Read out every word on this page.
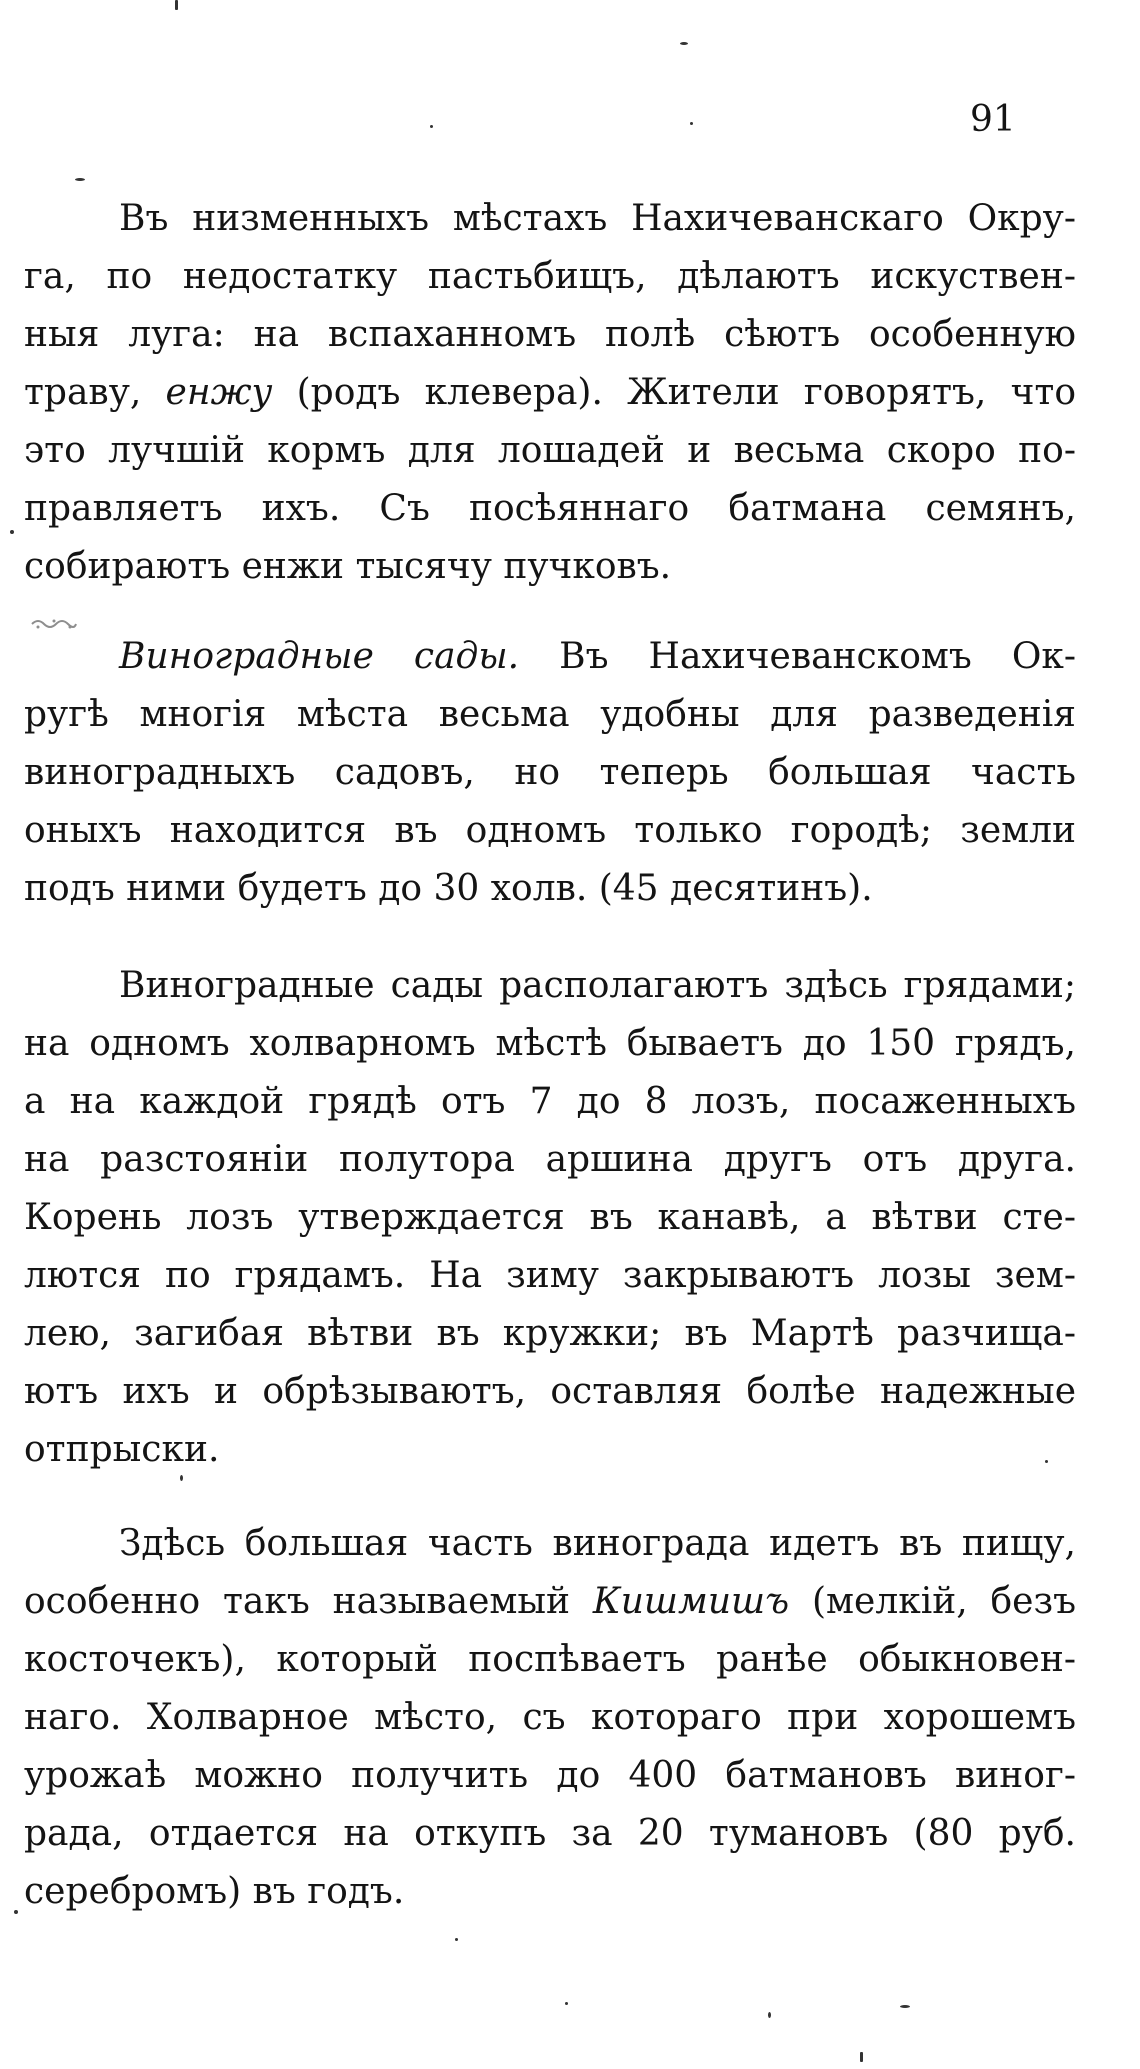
91
Въ низменныхъ мѣстахъ Нахичеванскаго Окру-
га, по недостатку пастьбищъ, дѣлаютъ искуствен-
ныя луга: на вспаханномъ полѣ сѣютъ особенную
траву, енжу (родъ клевера). Жители говорятъ, что
это лучшій кормъ для лошадей и весьма скоро по-
правляетъ ихъ. Съ посѣяннаго батмана семянъ,
собираютъ енжи тысячу пучковъ.
Виноградные сады. Въ Нахичеванскомъ Ок-
ругѣ многія мѣста весьма удобны для разведенія
виноградныхъ садовъ, но теперь большая часть
оныхъ находится въ одномъ только городѣ; земли
подъ ними будетъ до 30 холв. (45 десятинъ).
Виноградные сады располагаютъ здѣсь грядами;
на одномъ холварномъ мѣстѣ бываетъ до 150 грядъ,
а на каждой грядѣ отъ 7 до 8 лозъ, посаженныхъ
на разстояніи полутора аршина другъ отъ друга.
Корень лозъ утверждается въ канавѣ, а вѣтви сте-
лются по грядамъ. На зиму закрываютъ лозы зем-
лею, загибая вѣтви въ кружки; въ Мартѣ разчища-
ютъ ихъ и обрѣзываютъ, оставляя болѣе надежные
отпрыски.
Здѣсь большая часть винограда идетъ въ пищу,
особенно такъ называемый Кишмишъ (мелкій, безъ
косточекъ), который поспѣваетъ ранѣе обыкновен-
наго. Холварное мѣсто, съ котораго при хорошемъ
урожаѣ можно получить до 400 батмановъ виног-
рада, отдается на откупъ за 20 тумановъ (80 руб.
серебромъ) въ годъ.
